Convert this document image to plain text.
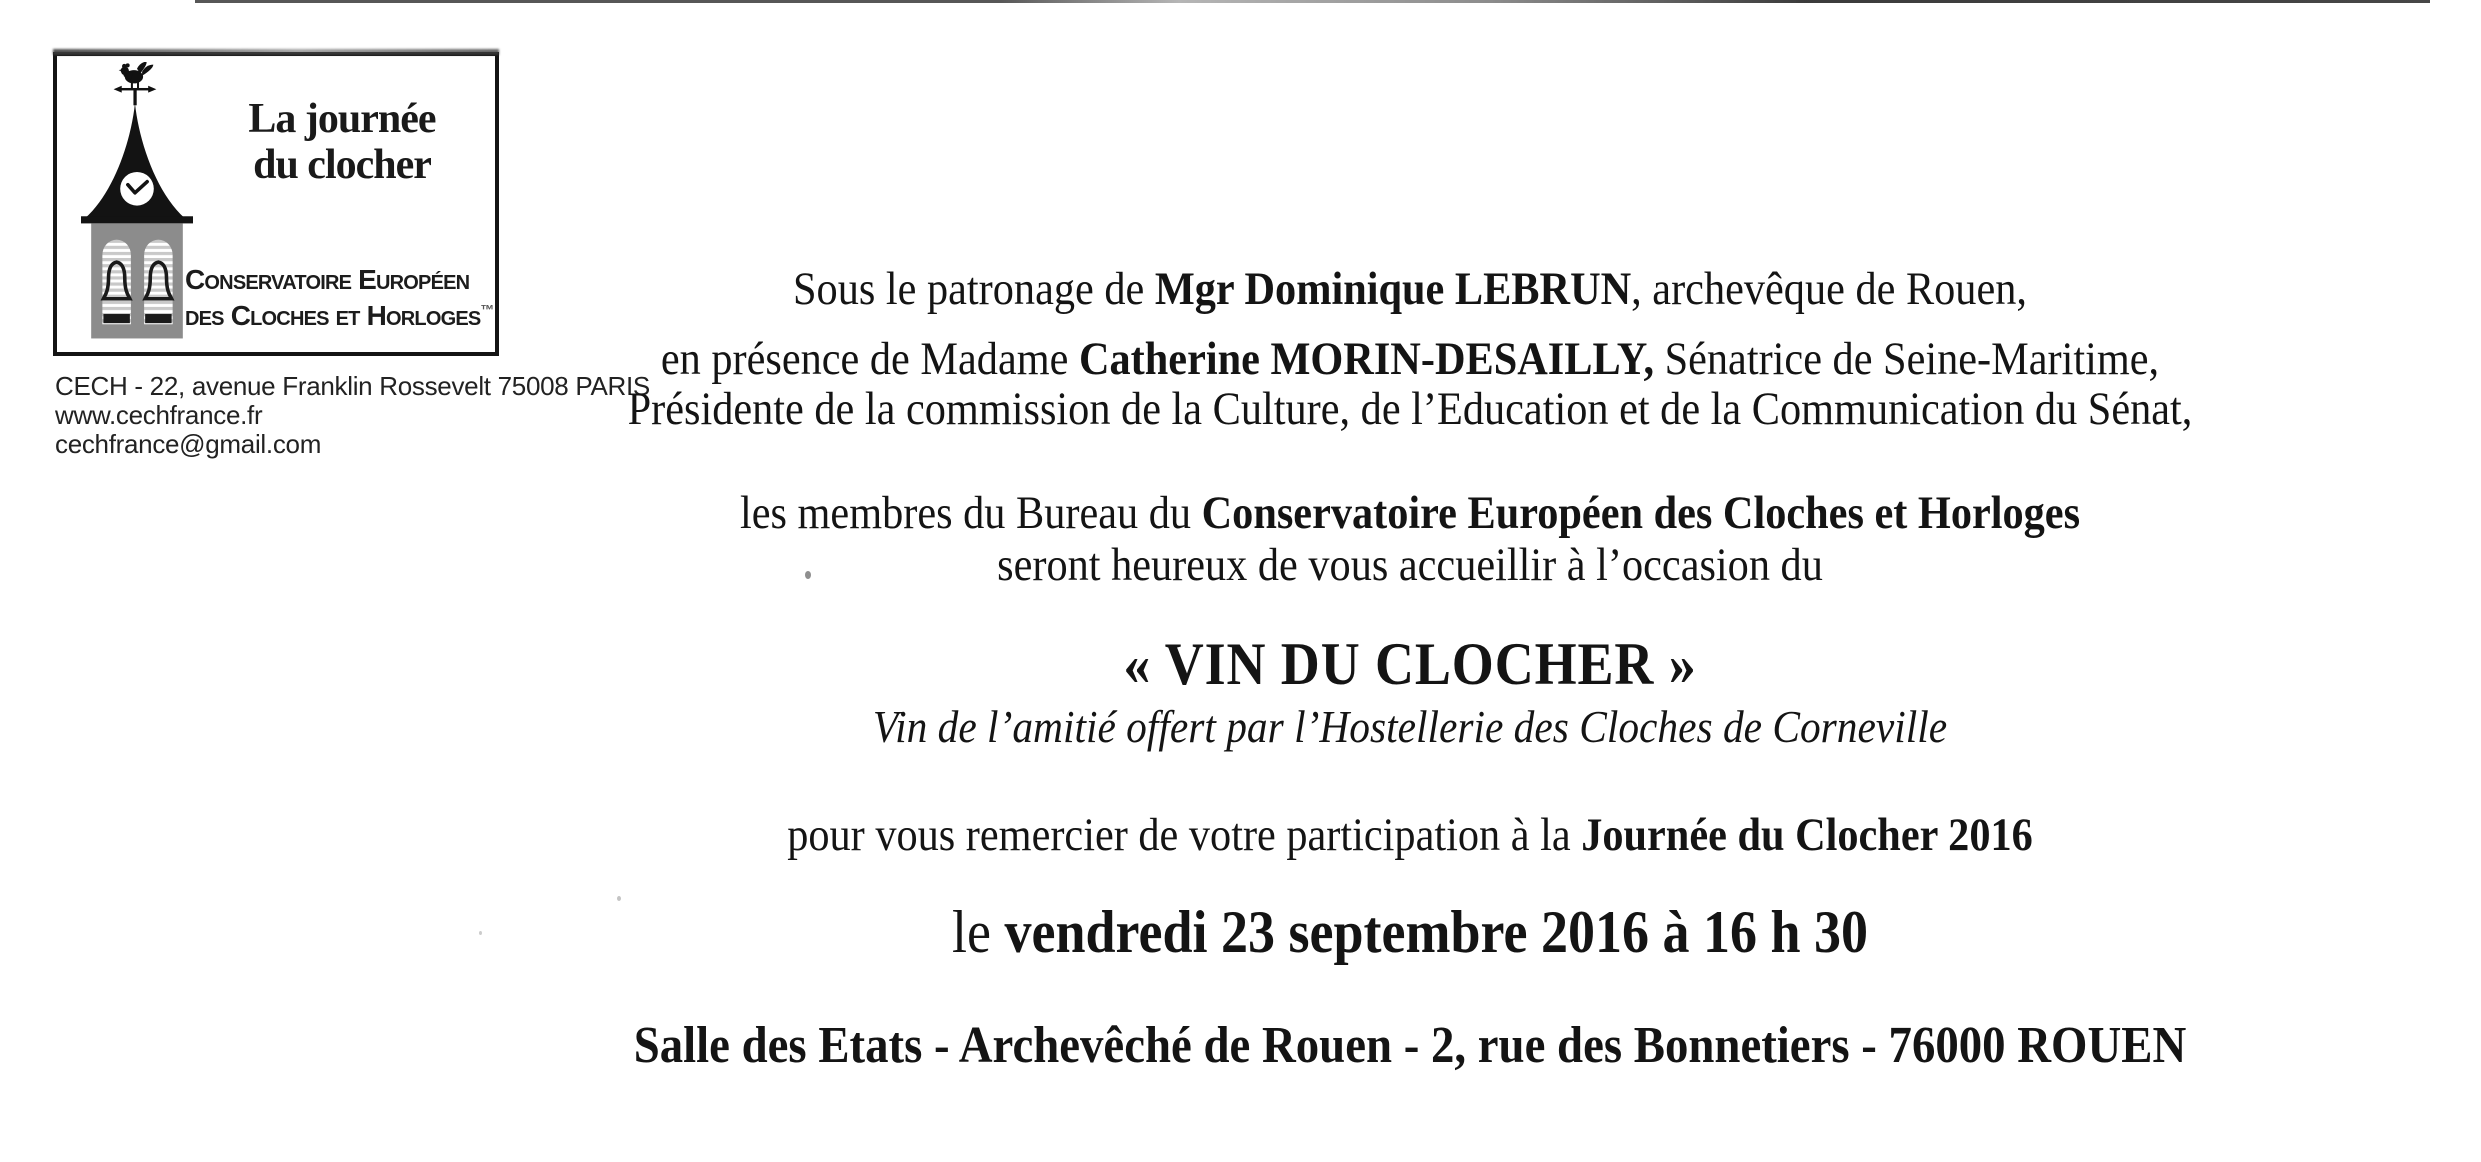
La journée
du clocher
Conservatoire Européen
des Cloches et Horloges™
CECH - 22, avenue Franklin Rossevelt 75008 PARIS
www.cechfrance.fr
cechfrance@gmail.com
Sous le patronage de Mgr Dominique LEBRUN, archevêque de Rouen,
en présence de Madame Catherine MORIN-DESAILLY, Sénatrice de Seine-Maritime,
Présidente de la commission de la Culture, de l’Education et de la Communication du Sénat,
les membres du Bureau du Conservatoire Européen des Cloches et Horloges
seront heureux de vous accueillir à l’occasion du
« VIN DU CLOCHER »
Vin de l’amitié offert par l’Hostellerie des Cloches de Corneville
pour vous remercier de votre participation à la Journée du Clocher 2016
le vendredi 23 septembre 2016 à 16 h 30
Salle des Etats - Archevêché de Rouen - 2, rue des Bonnetiers - 76000 ROUEN
